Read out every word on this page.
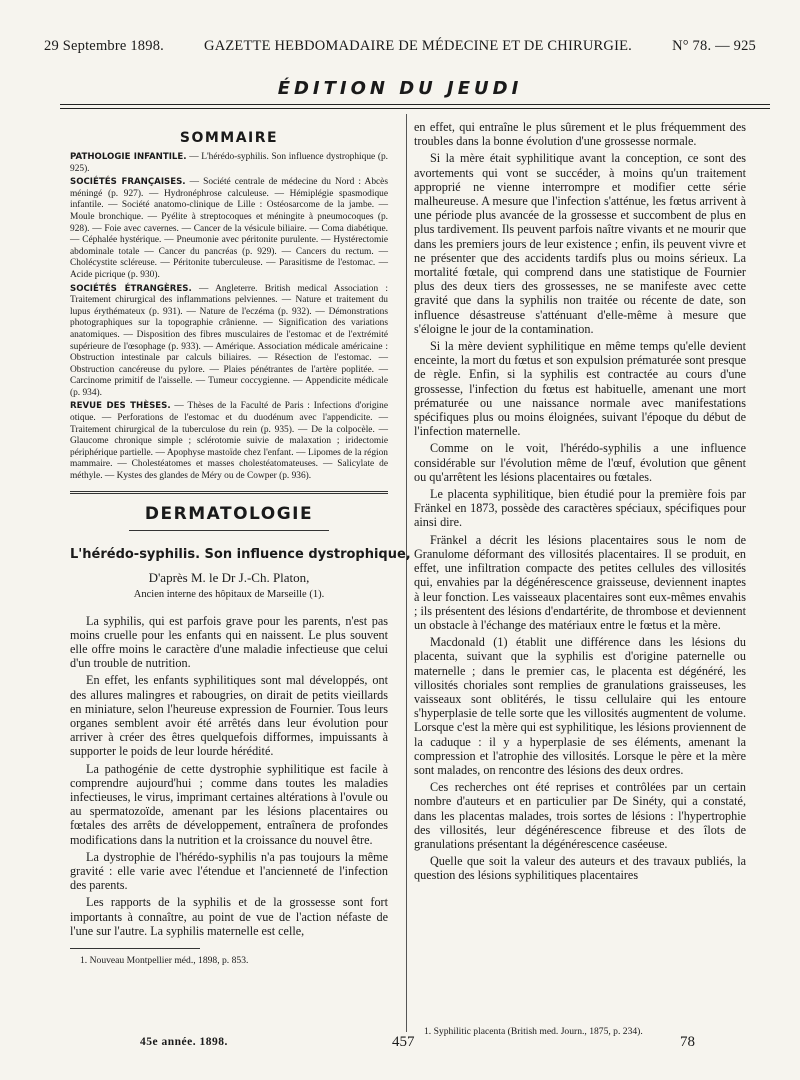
29 Septembre 1898.	GAZETTE HEBDOMADAIRE DE MÉDECINE ET DE CHIRURGIE.	N° 78. — 925
ÉDITION DU JEUDI
SOMMAIRE

PATHOLOGIE INFANTILE. — L'hérédo-syphilis. Son influence dystrophique (p. 925).

SOCIÉTÉS FRANÇAISES. — Société centrale de médecine du Nord : Abcès méningé (p. 927). — Hydronéphrose calculeuse. — Hémiplégie spasmodique infantile. — Société anatomo-clinique de Lille : Ostéosarcome de la jambe. — Moule bronchique. — Pyélite à streptocoques et méningite à pneumocoques (p. 928). — Foie avec cavernes. — Cancer de la vésicule biliaire. — Coma diabétique. — Céphalée hystérique. — Pneumonie avec péritonite purulente. — Hystérectomie abdominale totale — Cancer du pancréas (p. 929). — Cancers du rectum. — Cholécystite scléreuse. — Péritonite tuberculeuse. — Parasitisme de l'estomac. — Acide picrique (p. 930).

SOCIÉTÉS ÉTRANGÈRES. — Angleterre. British medical Association : Traitement chirurgical des inflammations pelviennes. — Nature et traitement du lupus érythémateux (p. 931). — Nature de l'eczéma (p. 932). — Démonstrations photographiques sur la topographie crânienne. — Signification des variations anatomiques. — Disposition des fibres musculaires de l'estomac et de l'extrémité supérieure de l'œsophage (p. 933). — Amérique. Association médicale américaine : Obstruction intestinale par calculs biliaires. — Résection de l'estomac. — Obstruction cancéreuse du pylore. — Plaies pénétrantes de l'artère poplitée. — Carcinome primitif de l'aisselle. — Tumeur coccygienne. — Appendicite médicale (p. 934).

REVUE DES THÈSES. — Thèses de la Faculté de Paris : Infections d'origine otique. — Perforations de l'estomac et du duodénum avec l'appendicite. — Traitement chirurgical de la tuberculose du rein (p. 935). — De la colpocèle. — Glaucome chronique simple ; sclérotomie suivie de malaxation ; iridectomie périphérique partielle. — Apophyse mastoïde chez l'enfant. — Lipomes de la région mammaire. — Cholestéatomes et masses cholestéatomateuses. — Salicylate de méthyle. — Kystes des glandes de Méry ou de Cowper (p. 936).

DERMATOLOGIE
L'hérédo-syphilis. Son influence dystrophique,
D'après M. le Dr J.-Ch. Platon,
Ancien interne des hôpitaux de Marseille (1).

La syphilis, qui est parfois grave pour les parents, n'est pas moins cruelle pour les enfants qui en naissent. Le plus souvent elle offre moins le caractère d'une maladie infectieuse que celui d'un trouble de nutrition.

En effet, les enfants syphilitiques sont mal développés, ont des allures malingres et rabougries, on dirait de petits vieillards en miniature, selon l'heureuse expression de Fournier. Tous leurs organes semblent avoir été arrêtés dans leur évolution pour arriver à créer des êtres quelquefois difformes, impuissants à supporter le poids de leur lourde hérédité.

La pathogénie de cette dystrophie syphilitique est facile à comprendre aujourd'hui ; comme dans toutes les maladies infectieuses, le virus, imprimant certaines altérations à l'ovule ou au spermatozoïde, amenant par les lésions placentaires ou fœtales des arrêts de développement, entraînera de profondes modifications dans la nutrition et la croissance du nouvel être.

La dystrophie de l'hérédo-syphilis n'a pas toujours la même gravité : elle varie avec l'étendue et l'ancienneté de l'infection des parents.

Les rapports de la syphilis et de la grossesse sont fort importants à connaître, au point de vue de l'action néfaste de l'une sur l'autre. La syphilis maternelle est celle,

1. Nouveau Montpellier méd., 1898, p. 853.

en effet, qui entraîne le plus sûrement et le plus fréquemment des troubles dans la bonne évolution d'une grossesse normale.

Si la mère était syphilitique avant la conception, ce sont des avortements qui vont se succéder, à moins qu'un traitement approprié ne vienne interrompre et modifier cette série malheureuse. A mesure que l'infection s'atténue, les fœtus arrivent à une période plus avancée de la grossesse et succombent de plus en plus tardivement. Ils peuvent parfois naître vivants et ne mourir que dans les premiers jours de leur existence ; enfin, ils peuvent vivre et ne présenter que des accidents tardifs plus ou moins sérieux. La mortalité fœtale, qui comprend dans une statistique de Fournier plus des deux tiers des grossesses, ne se manifeste avec cette gravité que dans la syphilis non traitée ou récente de date, son influence désastreuse s'atténuant d'elle-même à mesure que s'éloigne le jour de la contamination.

Si la mère devient syphilitique en même temps qu'elle devient enceinte, la mort du fœtus et son expulsion prématurée sont presque de règle. Enfin, si la syphilis est contractée au cours d'une grossesse, l'infection du fœtus est habituelle, amenant une mort prématurée ou une naissance normale avec manifestations spécifiques plus ou moins éloignées, suivant l'époque du début de l'infection maternelle.

Comme on le voit, l'hérédo-syphilis a une influence considérable sur l'évolution même de l'œuf, évolution que gênent ou qu'arrêtent les lésions placentaires ou fœtales.

Le placenta syphilitique, bien étudié pour la première fois par Fränkel en 1873, possède des caractères spéciaux, spécifiques pour ainsi dire.

Fränkel a décrit les lésions placentaires sous le nom de Granulome déformant des villosités placentaires. Il se produit, en effet, une infiltration compacte des petites cellules des villosités qui, envahies par la dégénérescence graisseuse, deviennent inaptes à leur fonction. Les vaisseaux placentaires sont eux-mêmes envahis ; ils présentent des lésions d'endartérite, de thrombose et deviennent un obstacle à l'échange des matériaux entre le fœtus et la mère.

Macdonald (1) établit une différence dans les lésions du placenta, suivant que la syphilis est d'origine paternelle ou maternelle ; dans le premier cas, le placenta est dégénéré, les villosités choriales sont remplies de granulations graisseuses, les vaisseaux sont oblitérés, le tissu cellulaire qui les entoure s'hyperplasie de telle sorte que les villosités augmentent de volume. Lorsque c'est la mère qui est syphilitique, les lésions proviennent de la caduque : il y a hyperplasie de ses éléments, amenant la compression et l'atrophie des villosités. Lorsque le père et la mère sont malades, on rencontre des lésions des deux ordres.

Ces recherches ont été reprises et contrôlées par un certain nombre d'auteurs et en particulier par De Sinéty, qui a constaté, dans les placentas malades, trois sortes de lésions : l'hypertrophie des villosités, leur dégénérescence fibreuse et des îlots de granulations présentant la dégénérescence caséeuse.

Quelle que soit la valeur des auteurs et des travaux publiés, la question des lésions syphilitiques placentaires

1. Syphilitic placenta (British med. Journ., 1875, p. 234).

45e année. 1898.	457	78
